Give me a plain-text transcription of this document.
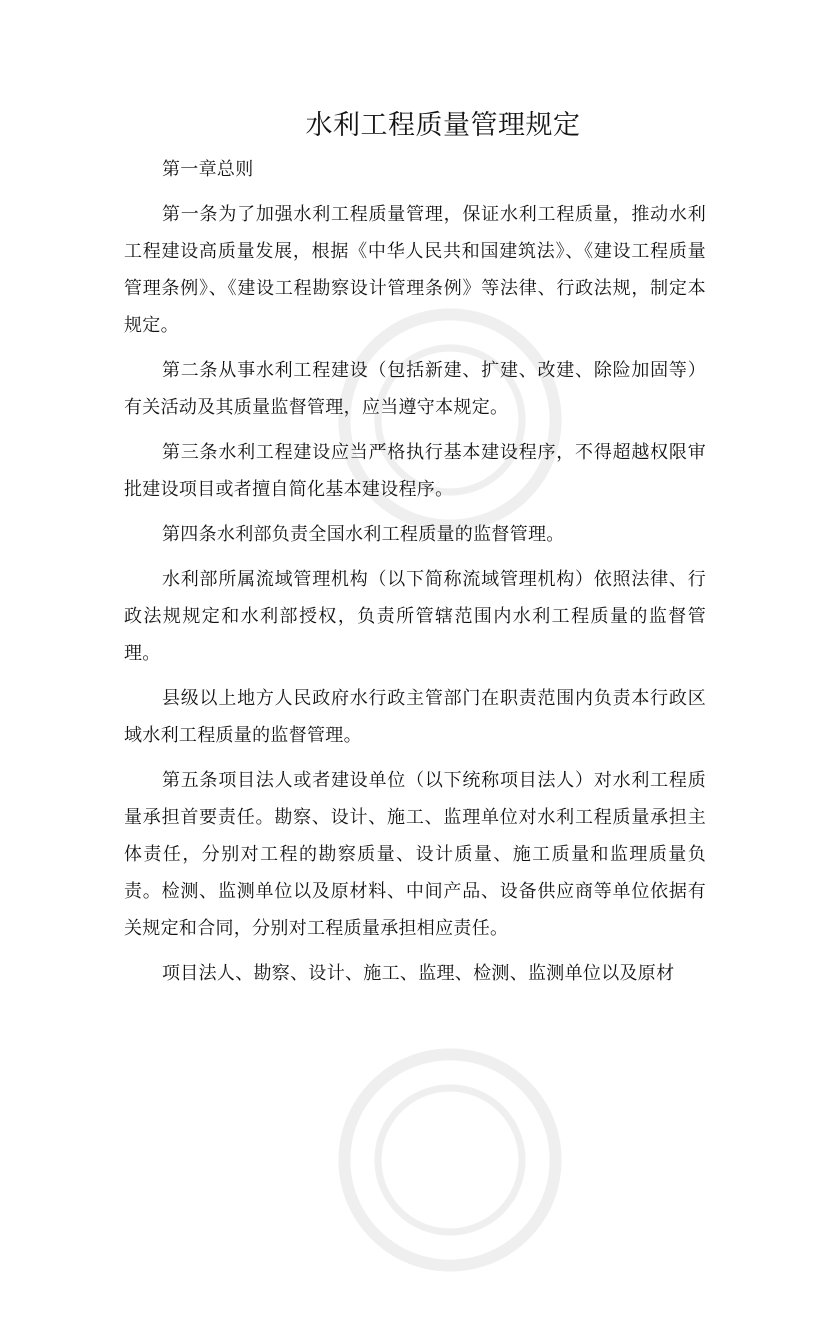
水利工程质量管理规定

第一章总则

第一条为了加强水利工程质量管理，保证水利工程质量，推动水利工程建设高质量发展，根据《中华人民共和国建筑法》、《建设工程质量管理条例》、《建设工程勘察设计管理条例》等法律、行政法规，制定本规定。

第二条从事水利工程建设（包括新建、扩建、改建、除险加固等）有关活动及其质量监督管理，应当遵守本规定。

第三条水利工程建设应当严格执行基本建设程序，不得超越权限审批建设项目或者擅自简化基本建设程序。

第四条水利部负责全国水利工程质量的监督管理。

水利部所属流域管理机构（以下简称流域管理机构）依照法律、行政法规规定和水利部授权，负责所管辖范围内水利工程质量的监督管理。

县级以上地方人民政府水行政主管部门在职责范围内负责本行政区域水利工程质量的监督管理。

第五条项目法人或者建设单位（以下统称项目法人）对水利工程质量承担首要责任。勘察、设计、施工、监理单位对水利工程质量承担主体责任，分别对工程的勘察质量、设计质量、施工质量和监理质量负责。检测、监测单位以及原材料、中间产品、设备供应商等单位依据有关规定和合同，分别对工程质量承担相应责任。

项目法人、勘察、设计、施工、监理、检测、监测单位以及原材
